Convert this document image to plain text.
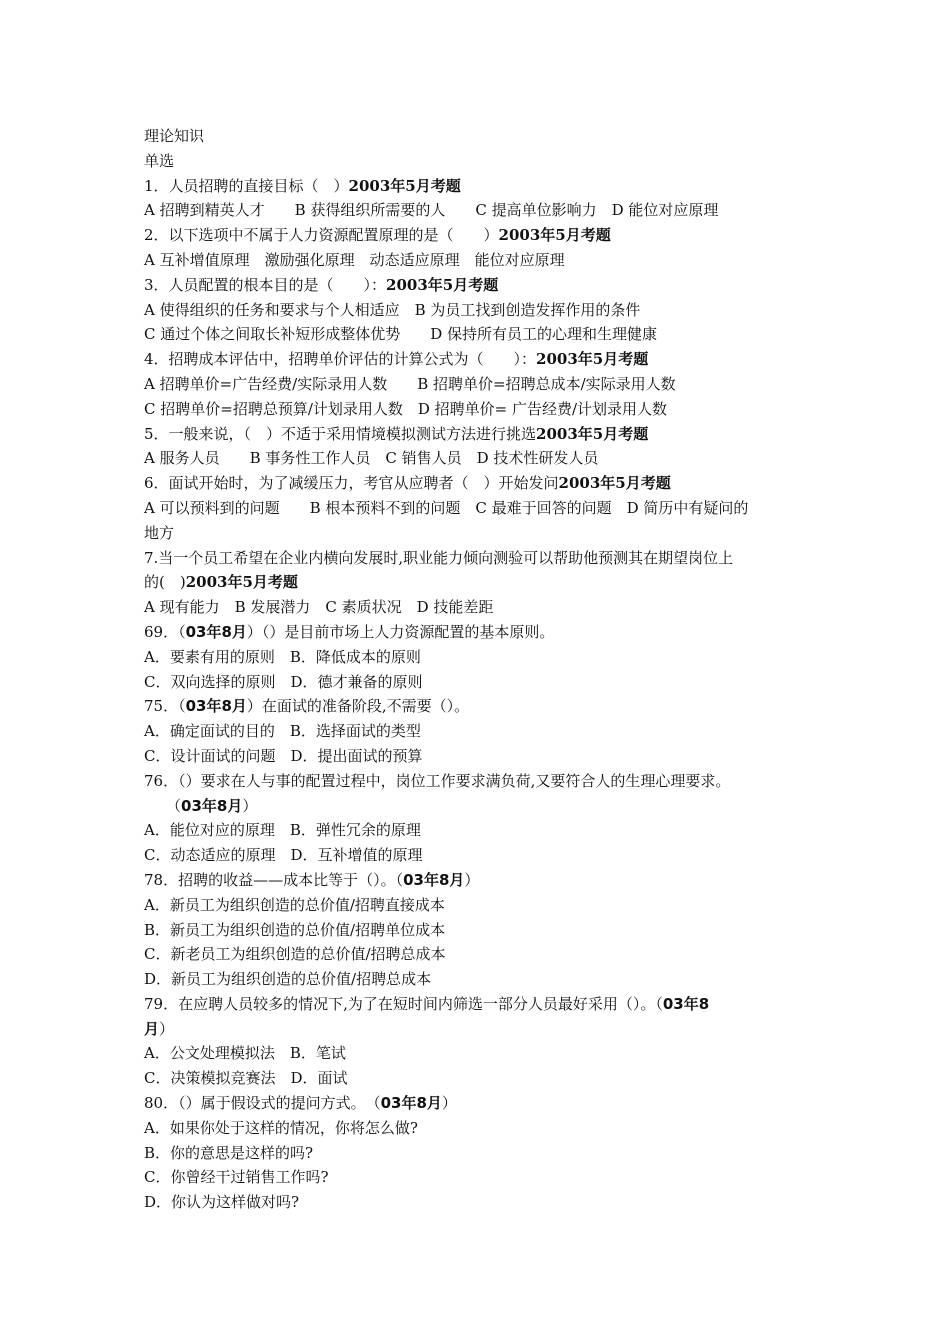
理论知识
单选
1．人员招聘的直接目标（　）2003年5月考题
A 招聘到精英人才　　B 获得组织所需要的人　　C 提高单位影响力　D 能位对应原理
2．以下选项中不属于人力资源配置原理的是（　　）2003年5月考题
A 互补增值原理　激励强化原理　动态适应原理　能位对应原理
3．人员配置的根本目的是（　　）：2003年5月考题
A 使得组织的任务和要求与个人相适应　B 为员工找到创造发挥作用的条件
C 通过个体之间取长补短形成整体优势　　D 保持所有员工的心理和生理健康
4．招聘成本评估中，招聘单价评估的计算公式为（　　）：2003年5月考题
A 招聘单价=广告经费/实际录用人数　　B 招聘单价=招聘总成本/实际录用人数
C 招聘单价=招聘总预算/计划录用人数　D 招聘单价= 广告经费/计划录用人数
5．一般来说，（　）不适于采用情境模拟测试方法进行挑选2003年5月考题
A 服务人员　　B 事务性工作人员　C 销售人员　D 技术性研发人员
6．面试开始时，为了减缓压力，考官从应聘者（　）开始发问2003年5月考题
A 可以预料到的问题　　B 根本预料不到的问题　C 最难于回答的问题　D 简历中有疑问的
地方
7.当一个员工希望在企业内横向发展时,职业能力倾向测验可以帮助他预测其在期望岗位上
的(　)2003年5月考题
A 现有能力　B 发展潜力　C 素质状况　D 技能差距
69．（03年8月）（）是目前市场上人力资源配置的基本原则。
A．要素有用的原则　B．降低成本的原则
C．双向选择的原则　D．德才兼备的原则
75．（03年8月）在面试的准备阶段,不需要（）。
A．确定面试的目的　B．选择面试的类型
C．设计面试的问题　D．提出面试的预算
76．（）要求在人与事的配置过程中，岗位工作要求满负荷,又要符合人的生理心理要求。
（03年8月）
A．能位对应的原理　B．弹性冗余的原理
C．动态适应的原理　D．互补增值的原理
78．招聘的收益——成本比等于（）。（03年8月）
A．新员工为组织创造的总价值/招聘直接成本
B．新员工为组织创造的总价值/招聘单位成本
C．新老员工为组织创造的总价值/招聘总成本
D．新员工为组织创造的总价值/招聘总成本
79．在应聘人员较多的情况下,为了在短时间内筛选一部分人员最好采用（）。（03年8
月）
A．公文处理模拟法　B．笔试
C．决策模拟竞赛法　D．面试
80．（）属于假设式的提问方式。　（03年8月）
A．如果你处于这样的情况，你将怎么做?
B．你的意思是这样的吗?
C．你曾经干过销售工作吗?
D．你认为这样做对吗?
